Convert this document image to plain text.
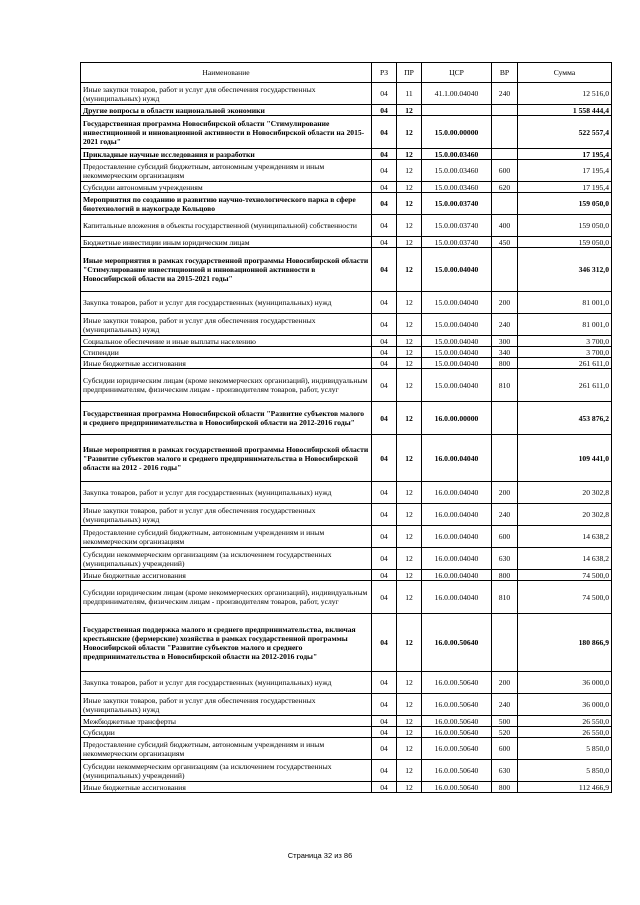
Наименование	РЗ	ПР	ЦСР	ВР	Сумма
Иные закупки товаров, работ и услуг для обеспечения государственных (муниципальных) нужд	04	11	41.1.00.04040	240	12 516,0
Другие вопросы в области национальной экономики	04	12			1 558 444,4
Государственная программа Новосибирской области "Стимулирование инвестиционной и инновационной активности в Новосибирской области на 2015-2021 годы"	04	12	15.0.00.00000		522 557,4
Прикладные научные исследования и разработки	04	12	15.0.00.03460		17 195,4
Предоставление субсидий бюджетным, автономным учреждениям и иным некоммерческим организациям	04	12	15.0.00.03460	600	17 195,4
Субсидии автономным учреждениям	04	12	15.0.00.03460	620	17 195,4
Мероприятия по созданию и развитию научно-технологического парка в сфере биотехнологий в наукограде Кольцово	04	12	15.0.00.03740		159 050,0
Капитальные вложения в объекты государственной (муниципальной) собственности	04	12	15.0.00.03740	400	159 050,0
Бюджетные инвестиции иным юридическим лицам	04	12	15.0.00.03740	450	159 050,0
Иные мероприятия в рамках государственной программы Новосибирской области "Стимулирование инвестиционной и инновационной активности в Новосибирской области на 2015-2021 годы"	04	12	15.0.00.04040		346 312,0
Закупка товаров, работ и услуг для государственных (муниципальных) нужд	04	12	15.0.00.04040	200	81 001,0
Иные закупки товаров, работ и услуг для обеспечения государственных (муниципальных) нужд	04	12	15.0.00.04040	240	81 001,0
Социальное обеспечение и иные выплаты населению	04	12	15.0.00.04040	300	3 700,0
Стипендии	04	12	15.0.00.04040	340	3 700,0
Иные бюджетные ассигнования	04	12	15.0.00.04040	800	261 611,0
Субсидии юридическим лицам (кроме некоммерческих организаций), индивидуальным предпринимателям, физическим лицам - производителям товаров, работ, услуг	04	12	15.0.00.04040	810	261 611,0
Государственная программа Новосибирской области "Развитие субъектов малого и среднего предпринимательства в Новосибирской области на 2012-2016 годы"	04	12	16.0.00.00000		453 876,2
Иные мероприятия в рамках государственной программы Новосибирской области "Развитие субъектов малого и среднего предпринимательства в Новосибирской области на 2012 - 2016 годы"	04	12	16.0.00.04040		109 441,0
Закупка товаров, работ и услуг для государственных (муниципальных) нужд	04	12	16.0.00.04040	200	20 302,8
Иные закупки товаров, работ и услуг для обеспечения государственных (муниципальных) нужд	04	12	16.0.00.04040	240	20 302,8
Предоставление субсидий бюджетным, автономным учреждениям и иным некоммерческим организациям	04	12	16.0.00.04040	600	14 638,2
Субсидии некоммерческим организациям (за исключением государственных (муниципальных) учреждений)	04	12	16.0.00.04040	630	14 638,2
Иные бюджетные ассигнования	04	12	16.0.00.04040	800	74 500,0
Субсидии юридическим лицам (кроме некоммерческих организаций), индивидуальным предпринимателям, физическим лицам - производителям товаров, работ, услуг	04	12	16.0.00.04040	810	74 500,0
Государственная поддержка малого и среднего предпринимательства, включая крестьянские (фермерские) хозяйства в рамках государственной программы Новосибирской области "Развитие субъектов малого и среднего предпринимательства в Новосибирской области на 2012-2016 годы"	04	12	16.0.00.50640		180 866,9
Закупка товаров, работ и услуг для государственных (муниципальных) нужд	04	12	16.0.00.50640	200	36 000,0
Иные закупки товаров, работ и услуг для обеспечения государственных (муниципальных) нужд	04	12	16.0.00.50640	240	36 000,0
Межбюджетные трансферты	04	12	16.0.00.50640	500	26 550,0
Субсидии	04	12	16.0.00.50640	520	26 550,0
Предоставление субсидий бюджетным, автономным учреждениям и иным некоммерческим организациям	04	12	16.0.00.50640	600	5 850,0
Субсидии некоммерческим организациям (за исключением государственных (муниципальных) учреждений)	04	12	16.0.00.50640	630	5 850,0
Иные бюджетные ассигнования	04	12	16.0.00.50640	800	112 466,9
Страница 32 из 86
